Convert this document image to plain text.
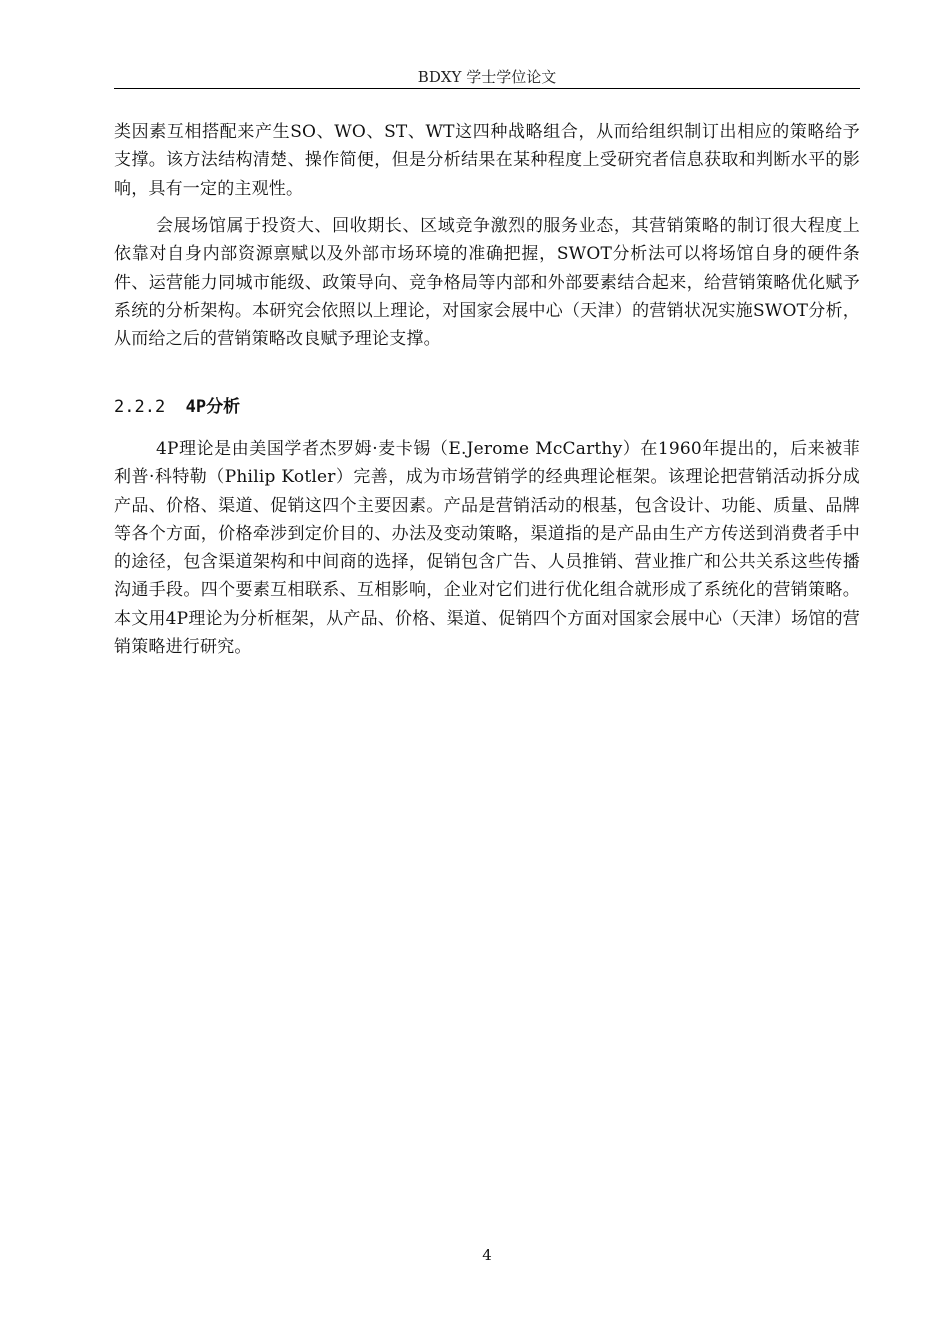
BDXY 学士学位论文
类因素互相搭配来产生SO、WO、ST、WT这四种战略组合，从而给组织制订出相应的策略给予支撑。该方法结构清楚、操作简便，但是分析结果在某种程度上受研究者信息获取和判断水平的影响，具有一定的主观性。
会展场馆属于投资大、回收期长、区域竞争激烈的服务业态，其营销策略的制订很大程度上依靠对自身内部资源禀赋以及外部市场环境的准确把握，SWOT分析法可以将场馆自身的硬件条件、运营能力同城市能级、政策导向、竞争格局等内部和外部要素结合起来，给营销策略优化赋予系统的分析架构。本研究会依照以上理论，对国家会展中心（天津）的营销状况实施SWOT分析，从而给之后的营销策略改良赋予理论支撑。
2.2.2 4P分析
4P理论是由美国学者杰罗姆·麦卡锡（E.Jerome McCarthy）在1960年提出的，后来被菲利普·科特勒（Philip Kotler）完善，成为市场营销学的经典理论框架。该理论把营销活动拆分成产品、价格、渠道、促销这四个主要因素。产品是营销活动的根基，包含设计、功能、质量、品牌等各个方面，价格牵涉到定价目的、办法及变动策略，渠道指的是产品由生产方传送到消费者手中的途径，包含渠道架构和中间商的选择，促销包含广告、人员推销、营业推广和公共关系这些传播沟通手段。四个要素互相联系、互相影响，企业对它们进行优化组合就形成了系统化的营销策略。本文用4P理论为分析框架，从产品、价格、渠道、促销四个方面对国家会展中心（天津）场馆的营销策略进行研究。
4
